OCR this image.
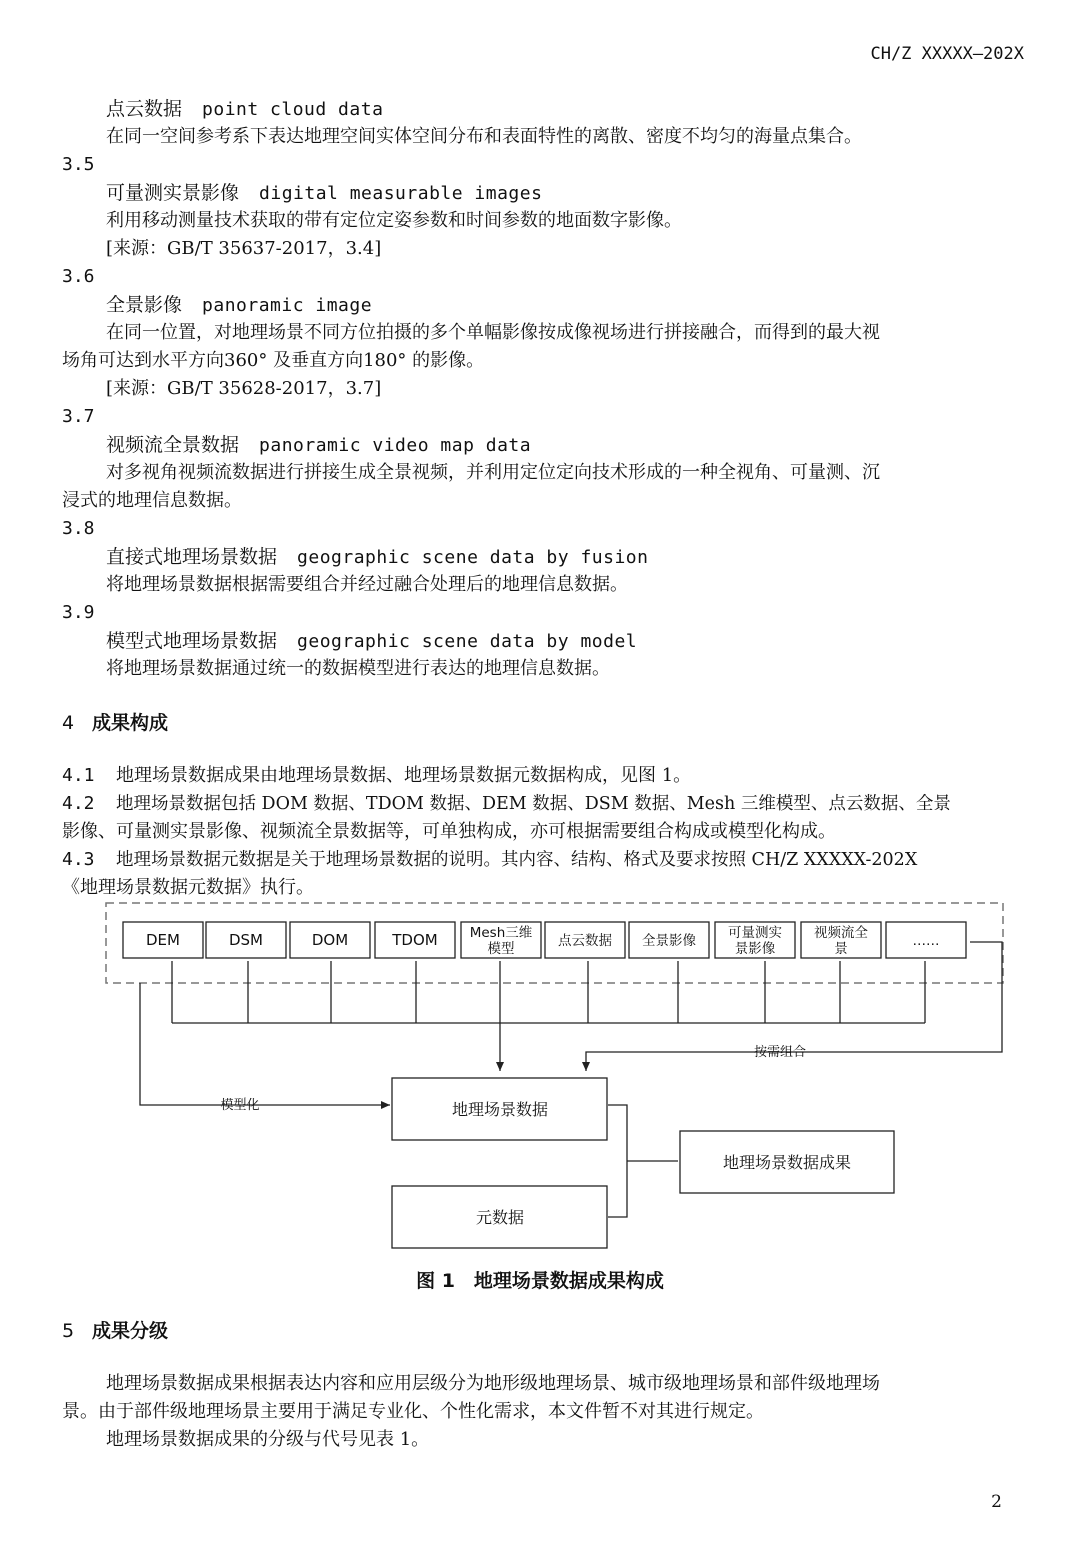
CH/Z XXXXX—202X
点云数据 point cloud data
在同一空间参考系下表达地理空间实体空间分布和表面特性的离散、密度不均匀的海量点集合。
3.5
可量测实景影像 digital measurable images
利用移动测量技术获取的带有定位定姿参数和时间参数的地面数字影像。
[来源：GB/T 35637-2017，3.4]
3.6
全景影像 panoramic image
在同一位置，对地理场景不同方位拍摄的多个单幅影像按成像视场进行拼接融合，而得到的最大视
场角可达到水平方向360° 及垂直方向180° 的影像。
[来源：GB/T 35628-2017，3.7]
3.7
视频流全景数据 panoramic video map data
对多视角视频流数据进行拼接生成全景视频，并利用定位定向技术形成的一种全视角、可量测、沉
浸式的地理信息数据。
3.8
直接式地理场景数据 geographic scene data by fusion
将地理场景数据根据需要组合并经过融合处理后的地理信息数据。
3.9
模型式地理场景数据 geographic scene data by model
将地理场景数据通过统一的数据模型进行表达的地理信息数据。
4 成果构成
4.1 地理场景数据成果由地理场景数据、地理场景数据元数据构成，见图 1。
4.2 地理场景数据包括 DOM 数据、TDOM 数据、DEM 数据、DSM 数据、Mesh 三维模型、点云数据、全景
影像、可量测实景影像、视频流全景数据等，可单独构成，亦可根据需要组合构成或模型化构成。
4.3 地理场景数据元数据是关于地理场景数据的说明。其内容、结构、格式及要求按照 CH/Z XXXXX-202X
《地理场景数据元数据》执行。
DEM	DSM	DOM	TDOM Mesh三维
模型	点云数据 全景影像 可量测实
景影像
视频流全
景	……
按需组合
模型化	地理场景数据
元数据
地理场景数据成果
图 1　地理场景数据成果构成
5 成果分级
地理场景数据成果根据表达内容和应用层级分为地形级地理场景、城市级地理场景和部件级地理场
景。由于部件级地理场景主要用于满足专业化、个性化需求，本文件暂不对其进行规定。
地理场景数据成果的分级与代号见表 1。
2
